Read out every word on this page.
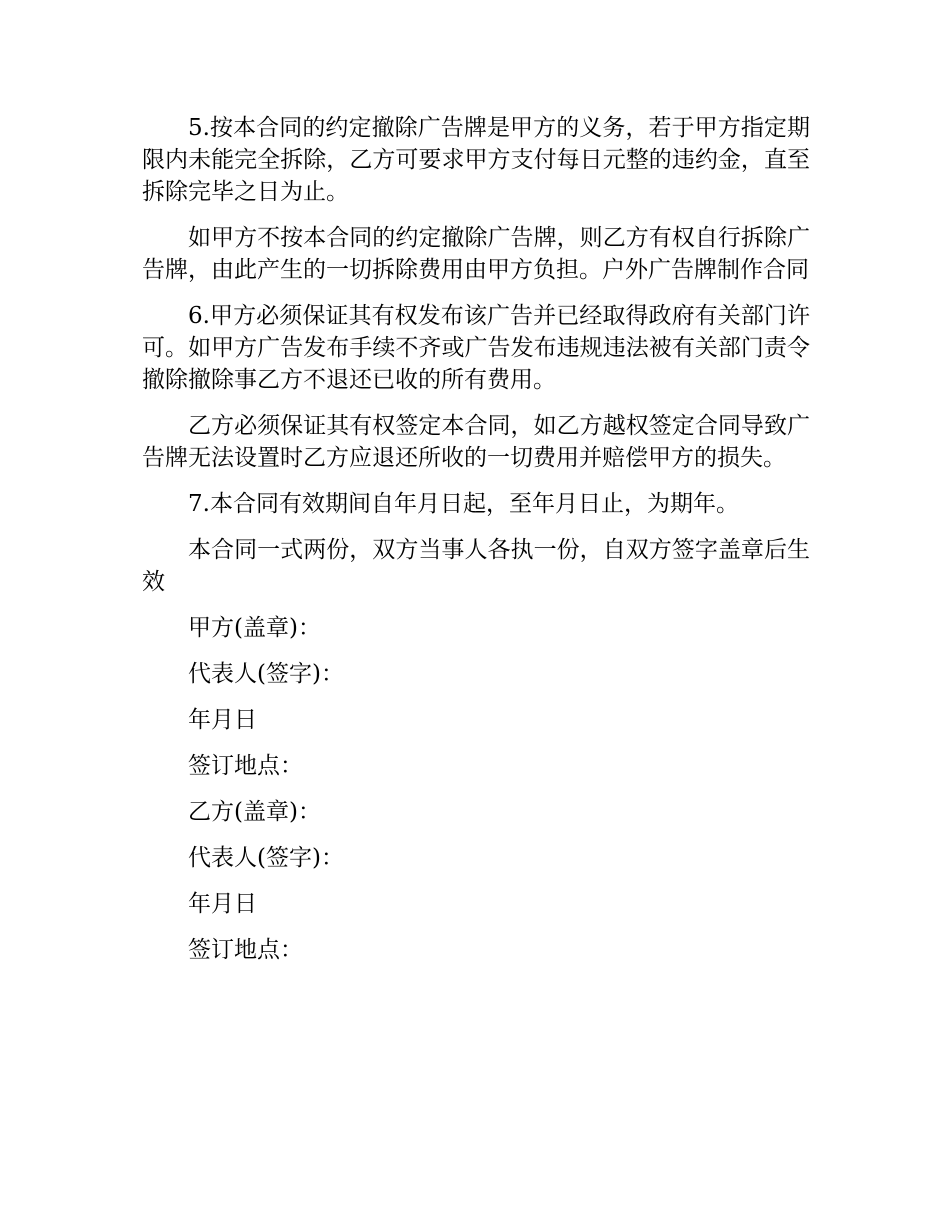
5.按本合同的约定撤除广告牌是甲方的义务，若于甲方指定期限内未能完全拆除，乙方可要求甲方支付每日元整的违约金，直至拆除完毕之日为止。

如甲方不按本合同的约定撤除广告牌，则乙方有权自行拆除广告牌，由此产生的一切拆除费用由甲方负担。户外广告牌制作合同

6.甲方必须保证其有权发布该广告并已经取得政府有关部门许可。如甲方广告发布手续不齐或广告发布违规违法被有关部门责令撤除撤除事乙方不退还已收的所有费用。

乙方必须保证其有权签定本合同，如乙方越权签定合同导致广告牌无法设置时乙方应退还所收的一切费用并赔偿甲方的损失。

7.本合同有效期间自年月日起，至年月日止，为期年。

本合同一式两份，双方当事人各执一份，自双方签字盖章后生效

甲方(盖章)：
代表人(签字)：
年月日
签订地点：
乙方(盖章)：
代表人(签字)：
年月日
签订地点：
